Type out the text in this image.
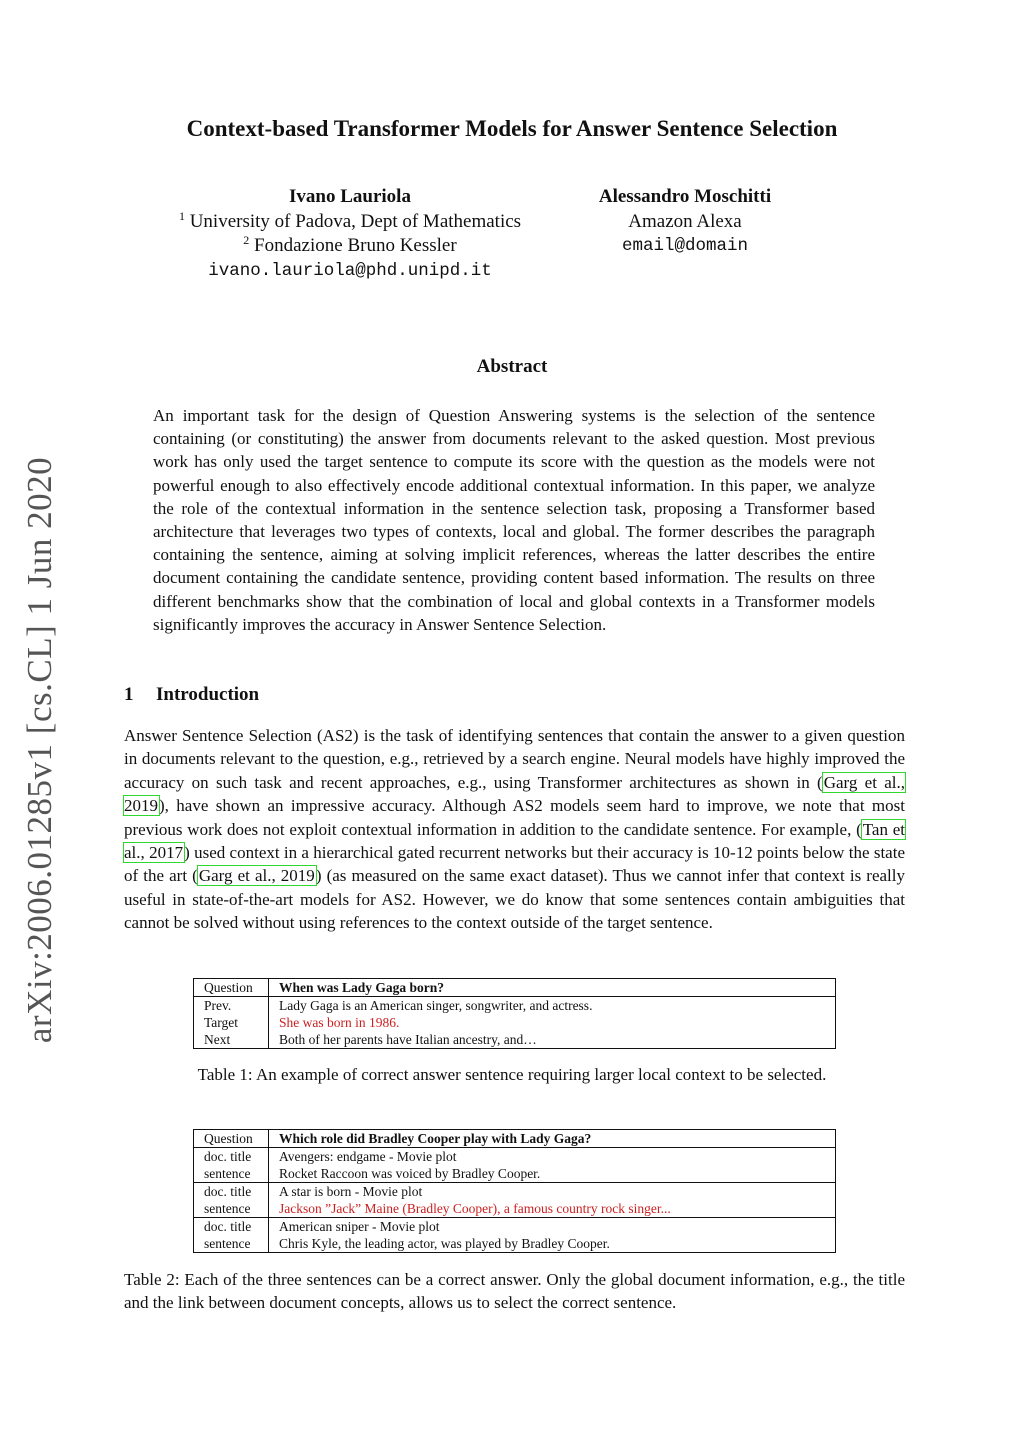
arXiv:2006.01285v1 [cs.CL] 1 Jun 2020
Context-based Transformer Models for Answer Sentence Selection
Ivano Lauriola
$^1$ University of Padova, Dept of Mathematics
$^2$ Fondazione Bruno Kessler
ivano.lauriola@phd.unipd.it
Alessandro Moschitti
Amazon Alexa
email@domain
Abstract

An important task for the design of Question Answering systems is the selection of the sentence containing (or constituting) the answer from documents relevant to the asked question. Most previous work has only used the target sentence to compute its score with the question as the models were not powerful enough to also effectively encode additional contextual information. In this paper, we analyze the role of the contextual information in the sentence selection task, proposing a Transformer based architecture that leverages two types of contexts, local and global. The former describes the paragraph containing the sentence, aiming at solving implicit references, whereas the latter describes the entire document containing the candidate sentence, providing content based information. The results on three different benchmarks show that the combination of local and global contexts in a Transformer models significantly improves the accuracy in Answer Sentence Selection.

1 Introduction

Answer Sentence Selection (AS2) is the task of identifying sentences that contain the answer to a given question in documents relevant to the question, e.g., retrieved by a search engine. Neural models have highly improved the accuracy on such task and recent approaches, e.g., using Transformer architectures as shown in (Garg et al., 2019), have shown an impressive accuracy. Although AS2 models seem hard to improve, we note that most previous work does not exploit contextual information in addition to the candidate sentence. For example, (Tan et al., 2017) used context in a hierarchical gated recurrent networks but their accuracy is 10-12 points below the state of the art (Garg et al., 2019) (as measured on the same exact dataset). Thus we cannot infer that context is really useful in state-of-the-art models for AS2. However, we do know that some sentences contain ambiguities that cannot be solved without using references to the context outside of the target sentence.

Question	When was Lady Gaga born?
Prev.	Lady Gaga is an American singer, songwriter, and actress.
Target	She was born in 1986.
Next	Both of her parents have Italian ancestry, and…
Table 1: An example of correct answer sentence requiring larger local context to be selected.
Question	Which role did Bradley Cooper play with Lady Gaga?
doc. title	Avengers: endgame - Movie plot
sentence	Rocket Raccoon was voiced by Bradley Cooper.
doc. title	A star is born - Movie plot
sentence	Jackson ”Jack” Maine (Bradley Cooper), a famous country rock singer...
doc. title	American sniper - Movie plot
sentence	Chris Kyle, the leading actor, was played by Bradley Cooper.

Table 2: Each of the three sentences can be a correct answer. Only the global document information, e.g., the title and the link between document concepts, allows us to select the correct sentence.
